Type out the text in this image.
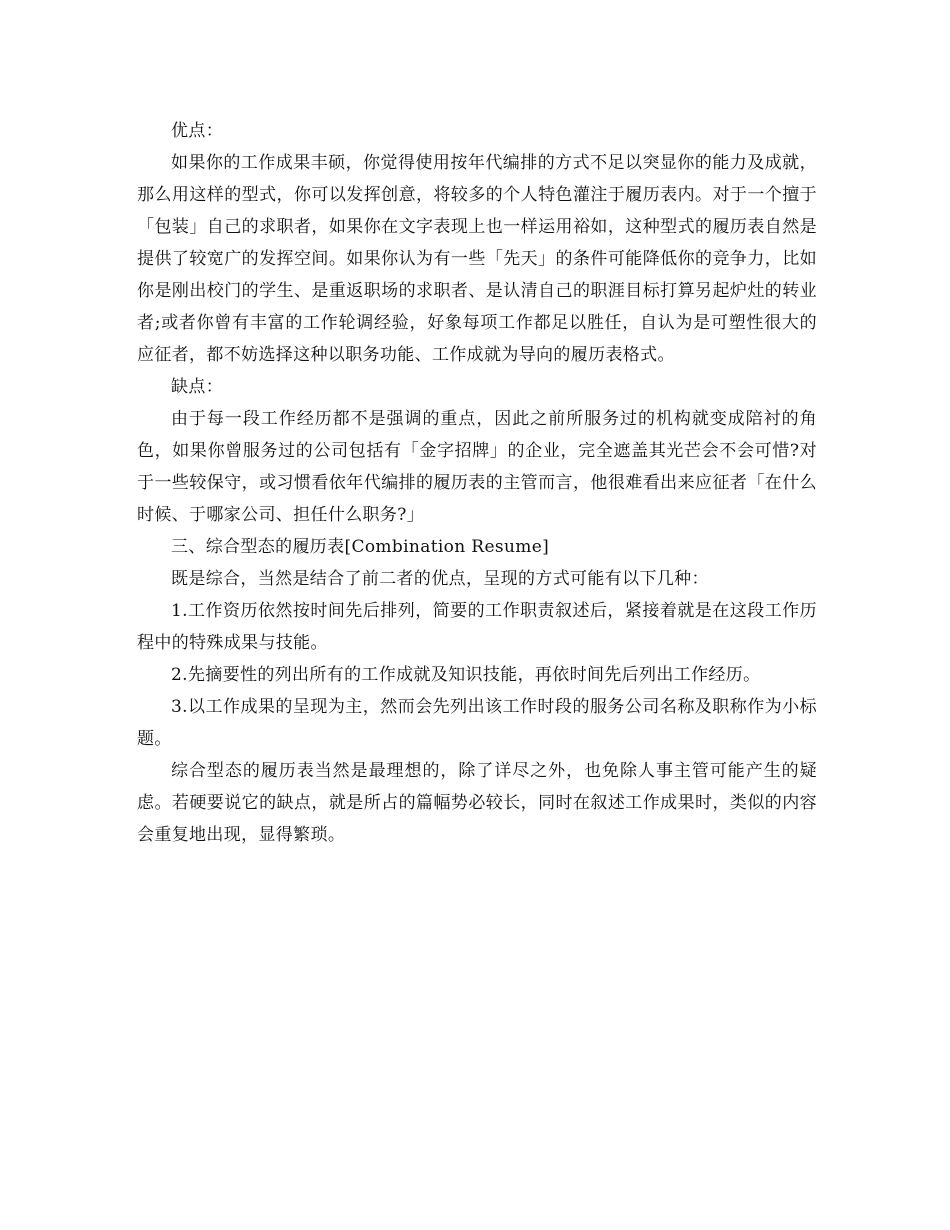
优点：

如果你的工作成果丰硕，你觉得使用按年代编排的方式不足以突显你的能力及成就，那么用这样的型式，你可以发挥创意，将较多的个人特色灌注于履历表内。对于一个擅于「包装」自己的求职者，如果你在文字表现上也一样运用裕如，这种型式的履历表自然是提供了较宽广的发挥空间。如果你认为有一些「先天」的条件可能降低你的竞争力，比如你是刚出校门的学生、是重返职场的求职者、是认清自己的职涯目标打算另起炉灶的转业者;或者你曾有丰富的工作轮调经验，好象每项工作都足以胜任，自认为是可塑性很大的应征者，都不妨选择这种以职务功能、工作成就为导向的履历表格式。

缺点：

由于每一段工作经历都不是强调的重点，因此之前所服务过的机构就变成陪衬的角色，如果你曾服务过的公司包括有「金字招牌」的企业，完全遮盖其光芒会不会可惜?对于一些较保守，或习惯看依年代编排的履历表的主管而言，他很难看出来应征者「在什么时候、于哪家公司、担任什么职务?」

三、综合型态的履历表[Combination Resume]

既是综合，当然是结合了前二者的优点，呈现的方式可能有以下几种：

1.工作资历依然按时间先后排列，简要的工作职责叙述后，紧接着就是在这段工作历程中的特殊成果与技能。

2.先摘要性的列出所有的工作成就及知识技能，再依时间先后列出工作经历。

3.以工作成果的呈现为主，然而会先列出该工作时段的服务公司名称及职称作为小标题。

综合型态的履历表当然是最理想的，除了详尽之外，也免除人事主管可能产生的疑虑。若硬要说它的缺点，就是所占的篇幅势必较长，同时在叙述工作成果时，类似的内容会重复地出现，显得繁琐。
